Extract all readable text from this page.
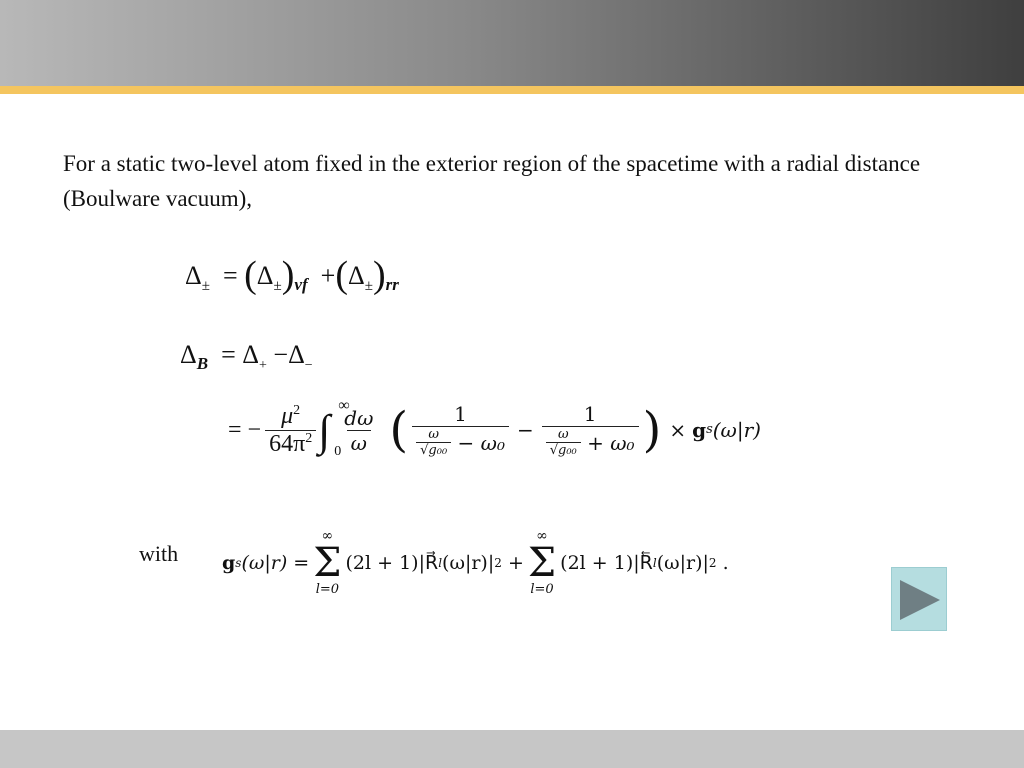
For a static two-level atom fixed in the exterior region of the spacetime with a radial distance (Boulware vacuum),
$\Delta_\pm = (\Delta_\pm)_{vf} +(\Delta_\pm)_{rr}$
$\Delta_B = \Delta_+ -\Delta_-$
= − $\frac{\mu^2}{64\pi^2}$ ∫
∞
$0 \frac{d\omega}{\omega}$ ( 1
$\frac{\omega}{\text{√g₀₀}}$
− ω₀ − 1
$\frac{\omega}{\text{√g₀₀}}$
+ ω₀ ) × g s (ω|r)
with g s (ω|r) =
∞
Σ
l=0
(2l + 1)|R⃗ l (ω|r)| 2
+
∞
Σ
l=0
(2l + 1)|R⃖ l (ω|r)| 2
.
